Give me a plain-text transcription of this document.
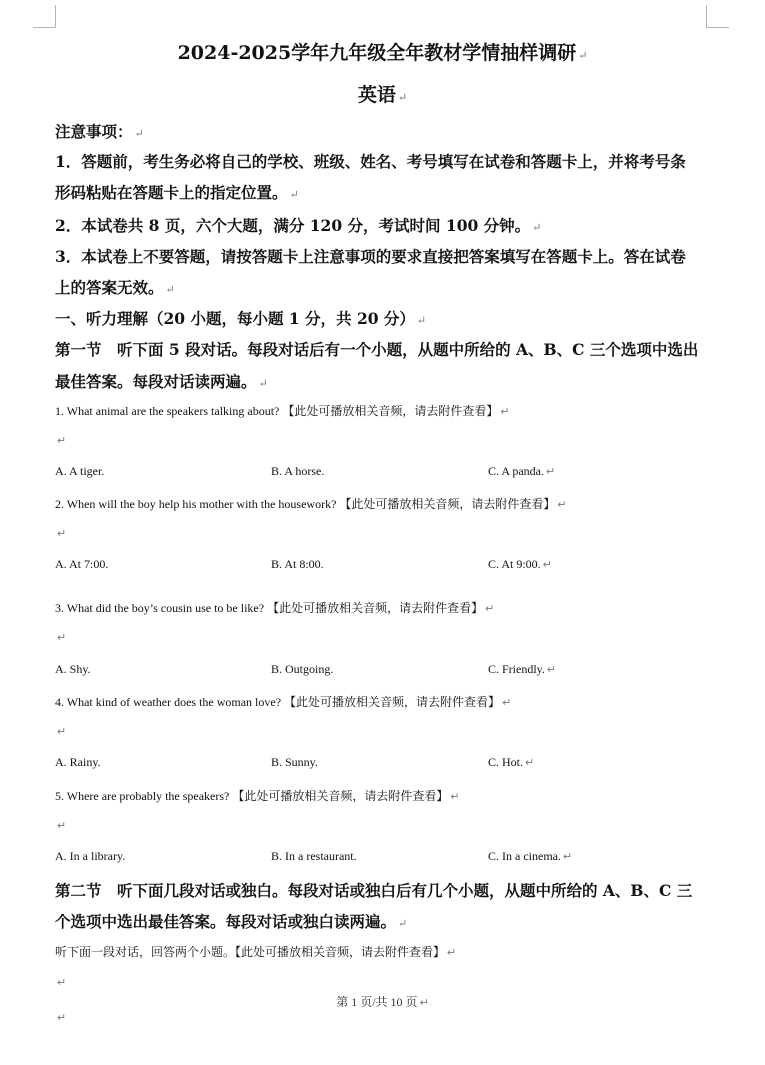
2024-2025学年九年级全年教材学情抽样调研 ↵
英语 ↵
注意事项： ↵
1．答题前，考生务必将自己的学校、班级、姓名、考号填写在试卷和答题卡上，并将考号条
形码粘贴在答题卡上的指定位置。 ↵
2．本试卷共 8 页，六个大题，满分 120 分，考试时间 100 分钟。 ↵
3．本试卷上不要答题，请按答题卡上注意事项的要求直接把答案填写在答题卡上。答在试卷
上的答案无效。 ↵
一、听力理解（20 小题，每小题 1 分，共 20 分） ↵
第一节　听下面 5 段对话。每段对话后有一个小题，从题中所给的 A、B、C 三个选项中选出
最佳答案。每段对话读两遍。 ↵
1. What animal are the speakers talking about? 【此处可播放相关音频，请去附件查看】 ↵
↵
A. A tiger.	B. A horse.	C. A panda. ↵
2. When will the boy help his mother with the housework? 【此处可播放相关音频，请去附件查看】 ↵
↵
A. At 7:00.	B. At 8:00.	C. At 9:00. ↵
3. What did the boy’s cousin use to be like? 【此处可播放相关音频，请去附件查看】 ↵
↵
A. Shy.	B. Outgoing.	C. Friendly. ↵
4. What kind of weather does the woman love? 【此处可播放相关音频，请去附件查看】 ↵
↵
A. Rainy.	B. Sunny.	C. Hot. ↵
5. Where are probably the speakers? 【此处可播放相关音频，请去附件查看】 ↵
↵
A. In a library.	B. In a restaurant.	C. In a cinema. ↵
第二节　听下面几段对话或独白。每段对话或独白后有几个小题，从题中所给的 A、B、C 三
个选项中选出最佳答案。每段对话或独白读两遍。 ↵
听下面一段对话，回答两个小题。【此处可播放相关音频，请去附件查看】 ↵
↵
第 1 页/共 10 页 ↵
↵
